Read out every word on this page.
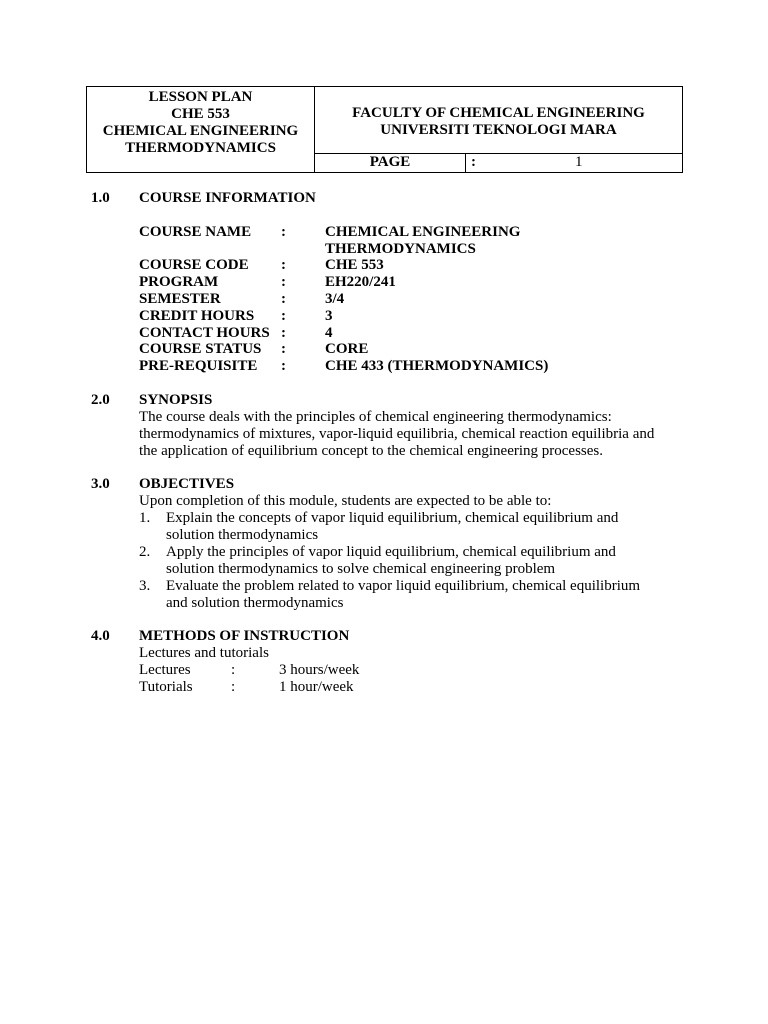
LESSON PLAN
CHE 553
CHEMICAL ENGINEERING
THERMODYNAMICS
FACULTY OF CHEMICAL ENGINEERING
UNIVERSITI TEKNOLOGI MARA
PAGE	:	1
1.0 COURSE INFORMATION
COURSE NAME :	CHEMICAL ENGINEERING
THERMODYNAMICS
COURSE CODE :	CHE 553
PROGRAM	:	EH220/241
SEMESTER	:	3/4
CREDIT HOURS :	3
CONTACT HOURS :	4
COURSE STATUS :	CORE
PRE-REQUISITE :	CHE 433 (THERMODYNAMICS)
2.0 SYNOPSIS
The course deals with the principles of chemical engineering thermodynamics:
thermodynamics of mixtures, vapor-liquid equilibria, chemical reaction equilibria and
the application of equilibrium concept to the chemical engineering processes.
3.0 OBJECTIVES
Upon completion of this module, students are expected to be able to:
1. Explain the concepts of vapor liquid equilibrium, chemical equilibrium and
solution thermodynamics
2. Apply the principles of vapor liquid equilibrium, chemical equilibrium and
solution thermodynamics to solve chemical engineering problem
3. Evaluate the problem related to vapor liquid equilibrium, chemical equilibrium
and solution thermodynamics
4.0 METHODS OF INSTRUCTION
Lectures and tutorials
Lectures	:	3 hours/week
Tutorials	:	1 hour/week
